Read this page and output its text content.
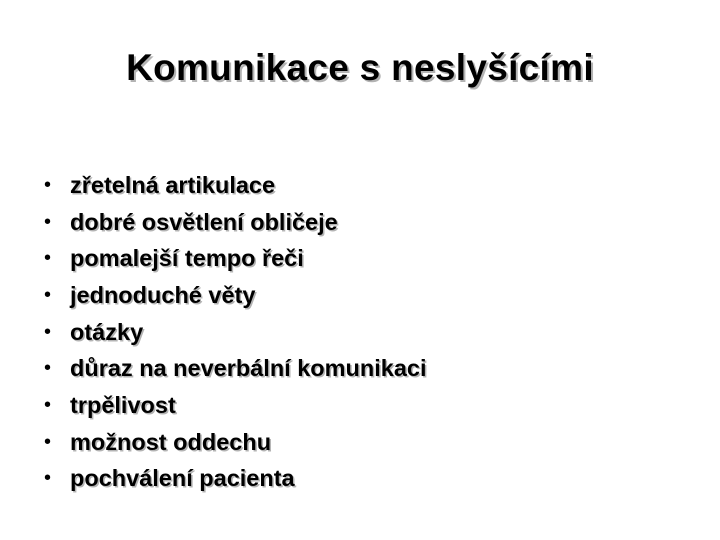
Komunikace s neslyšícími
• zřetelná artikulace
• dobré osvětlení obličeje
• pomalejší tempo řeči
• jednoduché věty
• otázky
• důraz na neverbální komunikaci
• trpělivost
• možnost oddechu
• pochválení pacienta
